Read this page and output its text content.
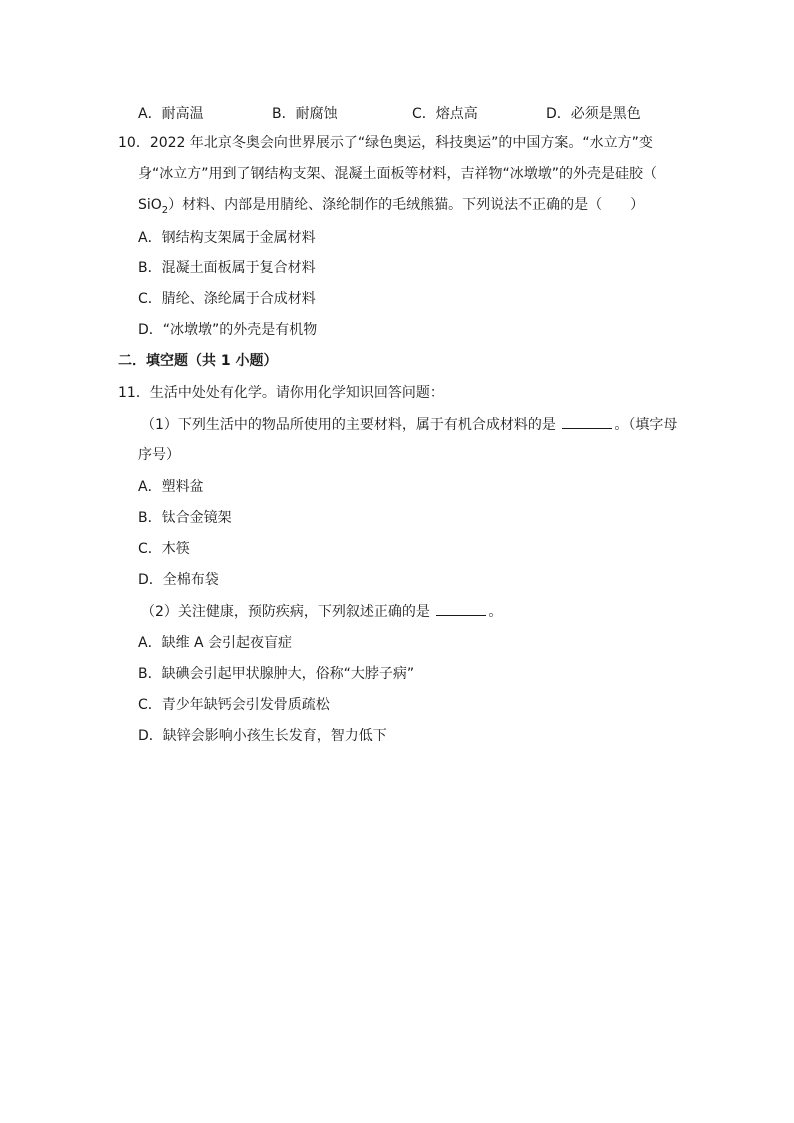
A．耐高温	B．耐腐蚀	C．熔点高	D．必须是黑色
10．2022 年北京冬奥会向世界展示了“绿色奥运，科技奥运”的中国方案。“水立方”变
身“冰立方”用到了钢结构支架、混凝土面板等材料，吉祥物“冰墩墩”的外壳是硅胶（
SiO$_2$）材料、内部是用腈纶、涤纶制作的毛绒熊猫。下列说法不正确的是（　　）
A．钢结构支架属于金属材料
B．混凝土面板属于复合材料
C．腈纶、涤纶属于合成材料
D．“冰墩墩”的外壳是有机物
二．填空题（共 1 小题）
11．生活中处处有化学。请你用化学知识回答问题：
（1）下列生活中的物品所使用的主要材料，属于有机合成材料的是	。（填字母
序号）
A．塑料盆
B．钛合金镜架
C．木筷
D．全棉布袋
（2）关注健康，预防疾病，下列叙述正确的是	。
A．缺维 A 会引起夜盲症
B．缺碘会引起甲状腺肿大，俗称“大脖子病”
C．青少年缺钙会引发骨质疏松
D．缺锌会影响小孩生长发育，智力低下
